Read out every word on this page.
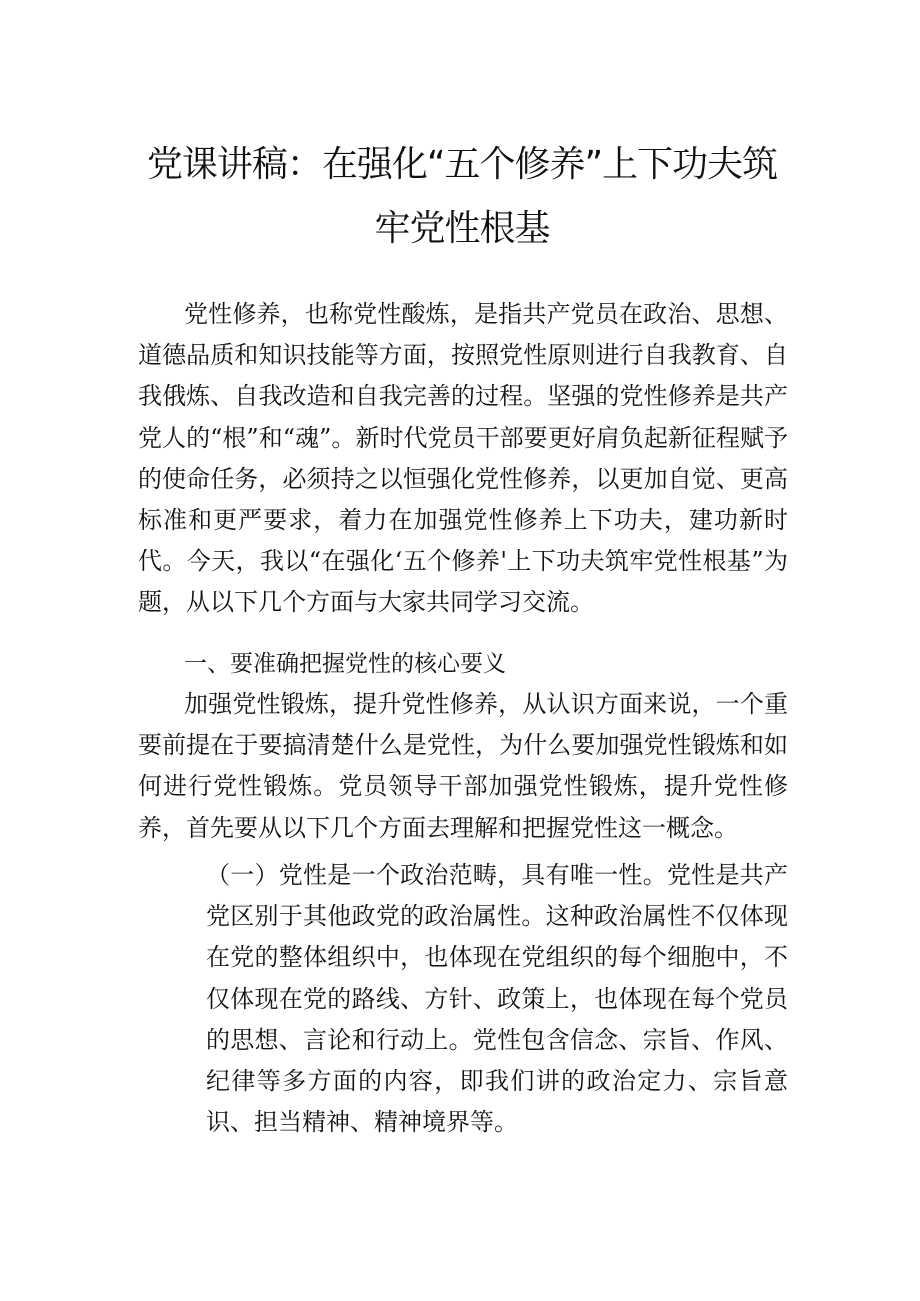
党课讲稿：在强化“五个修养”上下功夫筑
牢党性根基
党性修养，也称党性酸炼，是指共产党员在政治、思想、道德品质和知识技能等方面，按照党性原则进行自我教育、自我俄炼、自我改造和自我完善的过程。坚强的党性修养是共产党人的“根”和“魂”。新时代党员干部要更好肩负起新征程赋予的使命任务，必须持之以恒强化党性修养，以更加自觉、更高标准和更严要求，着力在加强党性修养上下功夫，建功新时代。今天，我以“在强化‘五个修养'上下功夫筑牢党性根基”为题，从以下几个方面与大家共同学习交流。
一、要准确把握党性的核心要义
加强党性锻炼，提升党性修养，从认识方面来说，一个重要前提在于要搞清楚什么是党性，为什么要加强党性锻炼和如何进行党性锻炼。党员领导干部加强党性锻炼，提升党性修养，首先要从以下几个方面去理解和把握党性这一概念。
（一）党性是一个政治范畴，具有唯一性。党性是共产党区别于其他政党的政治属性。这种政治属性不仅体现在党的整体组织中，也体现在党组织的每个细胞中，不仅体现在党的路线、方针、政策上，也体现在每个党员的思想、言论和行动上。党性包含信念、宗旨、作风、纪律等多方面的内容，即我们讲的政治定力、宗旨意识、担当精神、精神境界等。
